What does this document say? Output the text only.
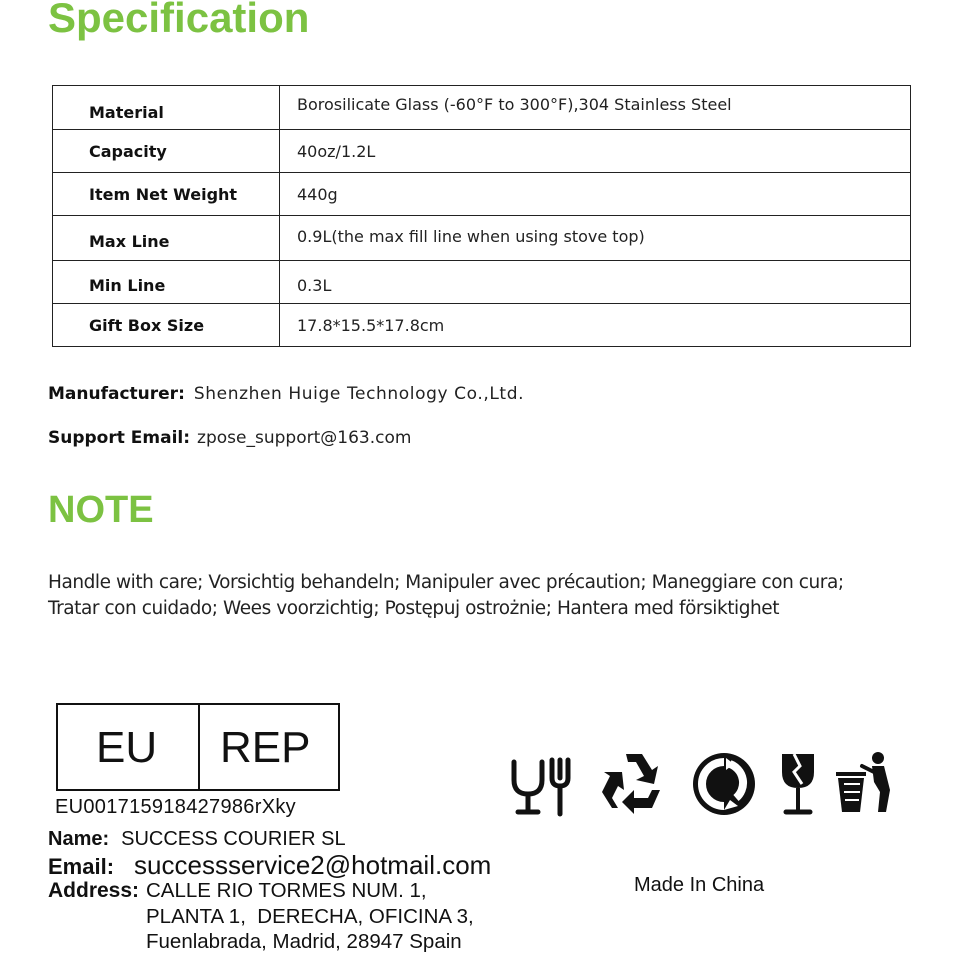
Specification
Material	Borosilicate Glass (-60°F to 300°F),304 Stainless Steel
Capacity	40oz/1.2L
Item Net Weight	440g
Max Line	0.9L(the max fill line when using stove top)
Min Line	0.3L
Gift Box Size	17.8*15.5*17.8cm
Manufacturer: Shenzhen Huige Technology Co.,Ltd.
Support Email: zpose_support@163.com
NOTE
Handle with care; Vorsichtig behandeln; Manipuler avec précaution; Maneggiare con cura;
Tratar con cuidado; Wees voorzichtig; Postępuj ostrożnie; Hantera med försiktighet
EU	REP
EU001715918427986rXky
Name: SUCCESS COURIER SL
Email: successservice2@hotmail.com
Address: CALLE RIO TORMES NUM. 1,
PLANTA 1,  DERECHA, OFICINA 3,
Fuenlabrada, Madrid, 28947 Spain
Made In China
